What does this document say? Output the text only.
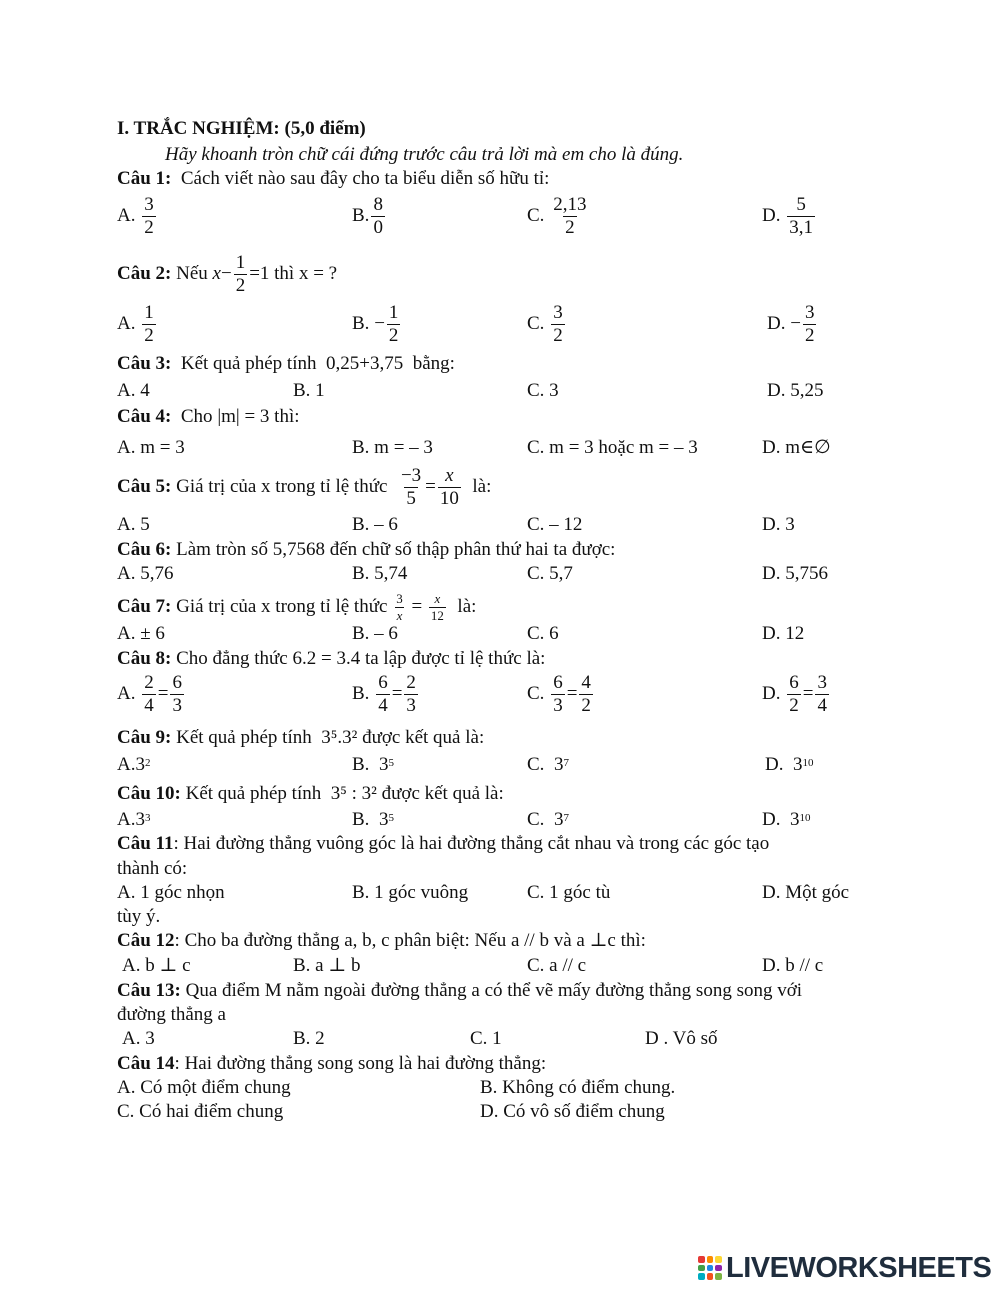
I. TRẮC NGHIỆM: (5,0 điểm)
Hãy khoanh tròn chữ cái đứng trước câu trả lời mà em cho là đúng.
Câu 1: Cách viết nào sau đây cho ta biểu diễn số hữu tỉ:
A. $\frac{3}{2}$	B. $\frac{8}{0}$	C. $\frac{2,13}{2}$	D. $\frac{5}{3,1}$
Câu 2: Nếu $x- \frac{1}{2} =1$ thì x = ?
A. $\frac{1}{2}$	B. − $\frac{1}{2}$	C. $\frac{3}{2}$	D. − $\frac{3}{2}$
Câu 3: Kết quả phép tính 0,25+3,75 bằng:
A. 4	B. 1	C. 3	D. 5,25
Câu 4: Cho |m| = 3 thì:
A. m = 3	B. m = – 3	C. m = 3 hoặc m = – 3	D. m∈∅
Câu 5: Giá trị của x trong tỉ lệ thức $\frac{-3}{5} = \frac{x}{10}$ là:
A. 5	B. – 6	C. – 12	D. 3
Câu 6: Làm tròn số 5,7568 đến chữ số thập phân thứ hai ta được:
A. 5,76	B. 5,74	C. 5,7	D. 5,756
Câu 7: Giá trị của x trong tỉ lệ thức $\frac{3}{x} = \frac{x}{12}$ là:
A. ± 6	B. – 6	C. 6	D. 12
Câu 8: Cho đẳng thức 6.2 = 3.4 ta lập được tỉ lệ thức là:
A. $\frac{2}{4} = \frac{6}{3}$	B. $\frac{6}{4} = \frac{2}{3}$	C. $\frac{6}{3} = \frac{4}{2}$	D. $\frac{6}{2} = \frac{3}{4}$
Câu 9: Kết quả phép tính 3⁵.3² được kết quả là:
$A.3^2$	B. $3^5$	C. $3^7$	D. $3^{10}$
Câu 10: Kết quả phép tính 3⁵ : 3² được kết quả là:
$A.3^3$	B. $3^5$	C. $3^7$	D. $3^{10}$
Câu 11: Hai đường thẳng vuông góc là hai đường thẳng cắt nhau và trong các góc tạo
thành có:
A. 1 góc nhọn	B. 1 góc vuông	C. 1 góc tù	D. Một góc
tùy ý.
Câu 12: Cho ba đường thẳng a, b, c phân biệt: Nếu a // b và a ⊥c thì:
A. b ⊥ c	B. a ⊥ b	C. a // c	D. b // c
Câu 13: Qua điểm M nằm ngoài đường thẳng a có thể vẽ mấy đường thẳng song song với
đường thẳng a
A. 3	B. 2	C. 1	D . Vô số
Câu 14: Hai đường thẳng song song là hai đường thẳng:
A. Có một điểm chung	B. Không có điểm chung.
C. Có hai điểm chung	D. Có vô số điểm chung
LIVEWORKSHEETS
